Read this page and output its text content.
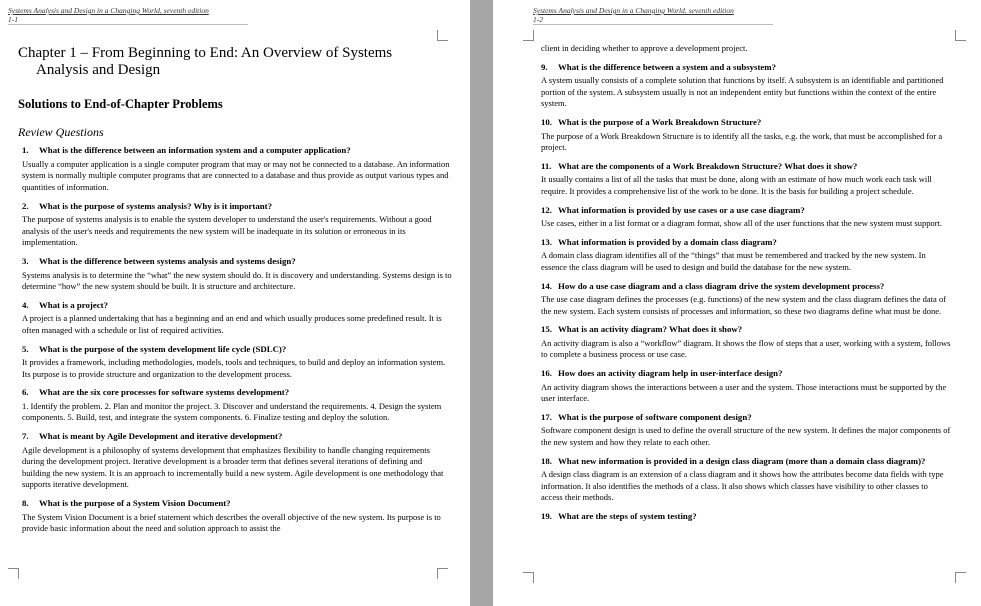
Systems Analysis and Design in a Changing World, seventh edition
1-1
Chapter 1 – From Beginning to End: An Overview of Systems
Analysis and Design
Solutions to End-of-Chapter Problems
Review Questions
1. What is the difference between an information system and a computer application?
Usually a computer application is a single computer program that may or may not be connected to a database. An information system is normally multiple computer programs that are connected to a database and thus provide as output various types and quantities of information.
2. What is the purpose of systems analysis? Why is it important?
The purpose of systems analysis is to enable the system developer to understand the user's requirements. Without a good analysis of the user's needs and requirements the new system will be inadequate in its solution or erroneous in its implementation.
3. What is the difference between systems analysis and systems design?
Systems analysis is to determine the “what” the new system should do. It is discovery and understanding. Systems design is to determine “how” the new system should be built. It is structure and architecture.
4. What is a project?
A project is a planned undertaking that has a beginning and an end and which usually produces some predefined result. It is often managed with a schedule or list of required activities.
5. What is the purpose of the system development life cycle (SDLC)?
It provides a framework, including methodologies, models, tools and techniques, to build and deploy an information system. Its purpose is to provide structure and organization to the development process.
6. What are the six core processes for software systems development?
1. Identify the problem. 2. Plan and monitor the project. 3. Discover and understand the requirements. 4. Design the system components. 5. Build, test, and integrate the system components. 6. Finalize testing and deploy the solution.
7. What is meant by Agile Development and iterative development?
Agile development is a philosophy of systems development that emphasizes flexibility to handle changing requirements during the development project. Iterative development is a broader term that defines several iterations of defining and building the new system. It is an approach to incrementally build a new system. Agile development is one methodology that supports iterative development.
8. What is the purpose of a System Vision Document?
The System Vision Document is a brief statement which describes the overall objective of the new system. Its purpose is to provide basic information about the need and solution approach to assist the
Systems Analysis and Design in a Changing World, seventh edition
1-2
client in deciding whether to approve a development project.
9. What is the difference between a system and a subsystem?
A system usually consists of a complete solution that functions by itself. A subsystem is an identifiable and partitioned portion of the system. A subsystem usually is not an independent entity but functions within the context of the entire system.
10. What is the purpose of a Work Breakdown Structure?
The purpose of a Work Breakdown Structure is to identify all the tasks, e.g. the work, that must be accomplished for a project.
11. What are the components of a Work Breakdown Structure? What does it show?
It usually contains a list of all the tasks that must be done, along with an estimate of how much work each task will require. It provides a comprehensive list of the work to be done. It is the basis for building a project schedule.
12. What information is provided by use cases or a use case diagram?
Use cases, either in a list format or a diagram format, show all of the user functions that the new system must support.
13. What information is provided by a domain class diagram?
A domain class diagram identifies all of the “things” that must be remembered and tracked by the new system. In essence the class diagram will be used to design and build the database for the new system.
14. How do a use case diagram and a class diagram drive the system development process?
The use case diagram defines the processes (e.g. functions) of the new system and the class diagram defines the data of the new system. Each system consists of processes and information, so these two diagrams define what must be done.
15. What is an activity diagram? What does it show?
An activity diagram is also a “workflow” diagram. It shows the flow of steps that a user, working with a system, follows to complete a business process or use case.
16. How does an activity diagram help in user-interface design?
An activity diagram shows the interactions between a user and the system. Those interactions must be supported by the user interface.
17. What is the purpose of software component design?
Software component design is used to define the overall structure of the new system. It defines the major components of the new system and how they relate to each other.
18. What new information is provided in a design class diagram (more than a domain class diagram)?
A design class diagram is an extension of a class diagram and it shows how the attributes become data fields with type information. It also identifies the methods of a class. It also shows which classes have visibility to other classes to access their methods.
19. What are the steps of system testing?
